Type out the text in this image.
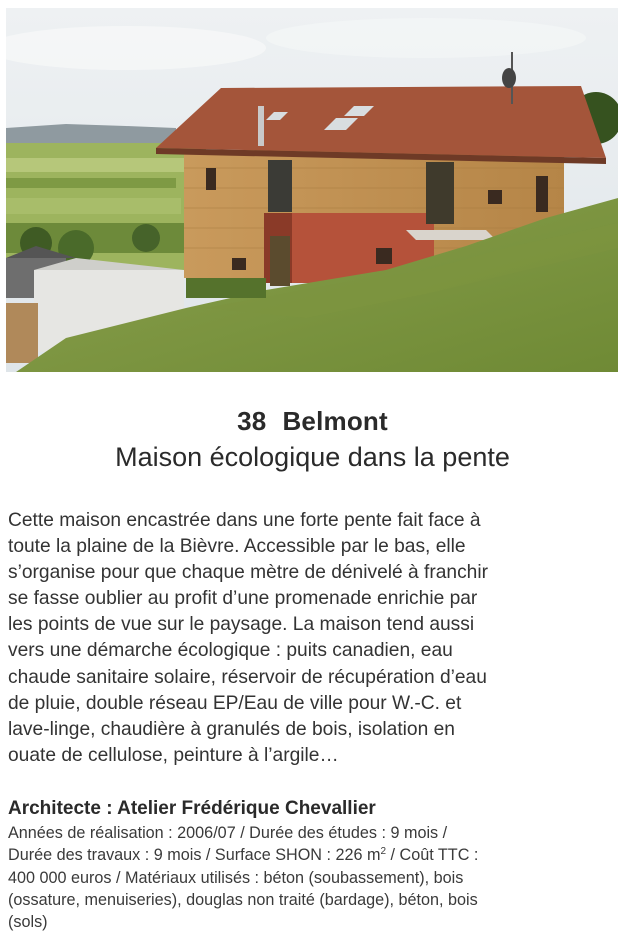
38 Belmont
Maison écologique dans la pente
Cette maison encastrée dans une forte pente fait face à
toute la plaine de la Bièvre. Accessible par le bas, elle
s’organise pour que chaque mètre de dénivelé à franchir
se fasse oublier au profit d’une promenade enrichie par
les points de vue sur le paysage. La maison tend aussi
vers une démarche écologique : puits canadien, eau
chaude sanitaire solaire, réservoir de récupération d’eau
de pluie, double réseau EP/Eau de ville pour W.-C. et
lave-linge, chaudière à granulés de bois, isolation en
ouate de cellulose, peinture à l’argile…
Architecte : Atelier Frédérique Chevallier
Années de réalisation : 2006/07 / Durée des études : 9 mois /
Durée des travaux : 9 mois / Surface SHON : 226 $m^2$ / Coût TTC :
400 000 euros / Matériaux utilisés : béton (soubassement), bois
(ossature, menuiseries), douglas non traité (bardage), béton, bois
(sols)
